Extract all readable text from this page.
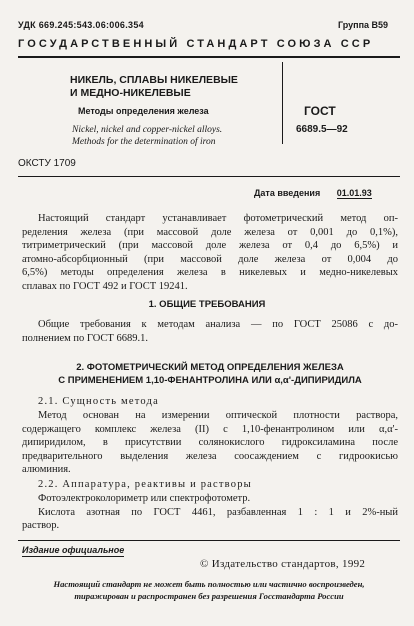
УДК 669.245:543.06:006.354	Группа В59
ГОСУДАРСТВЕННЫЙ СТАНДАРТ СОЮЗА ССР
НИКЕЛЬ, СПЛАВЫ НИКЕЛЕВЫЕ
И МЕДНО-НИКЕЛЕВЫЕ
Методы определения железа
Nickel, nickel and copper-nickel alloys.
Methods for the determination of iron
ГОСТ
6689.5—92
ОКСТУ 1709
Дата введения 01.01.93
Настоящий стандарт устанавливает фотометрический метод оп-
ределения железа (при массовой доле железа от 0,001 до 0,1%),
титриметрический (при массовой доле железа от 0,4 до 6,5%) и
атомно-абсорбционный (при массовой доле железа от 0,004 до
6,5%) методы определения железа в никелевых и медно-никелевых
сплавах по ГОСТ 492 и ГОСТ 19241.
1. ОБЩИЕ ТРЕБОВАНИЯ
Общие требования к методам анализа — по ГОСТ 25086 с до-
полнением по ГОСТ 6689.1.
2. ФОТОМЕТРИЧЕСКИЙ МЕТОД ОПРЕДЕЛЕНИЯ ЖЕЛЕЗА
С ПРИМЕНЕНИЕМ 1,10-ФЕНАНТРОЛИНА ИЛИ α,α'-ДИПИРИДИЛА
2.1. Сущность метода
Метод основан на измерении оптической плотности раствора,
содержащего комплекс железа (II) с 1,10-фенантролином или α,α'-
дипиридилом, в присутствии солянокислого гидроксиламина после
предварительного выделения железа соосаждением с гидроокисью
алюминия.
2.2. Аппаратура, реактивы и растворы
Фотоэлектроколориметр или спектрофотометр.
Кислота азотная по ГОСТ 4461, разбавленная 1 : 1 и 2%-ный
раствор.
Издание официальное
© Издательство стандартов, 1992
Настоящий стандарт не может быть полностью или частично воспроизведен,
тиражирован и распространен без разрешения Госстандарта России
